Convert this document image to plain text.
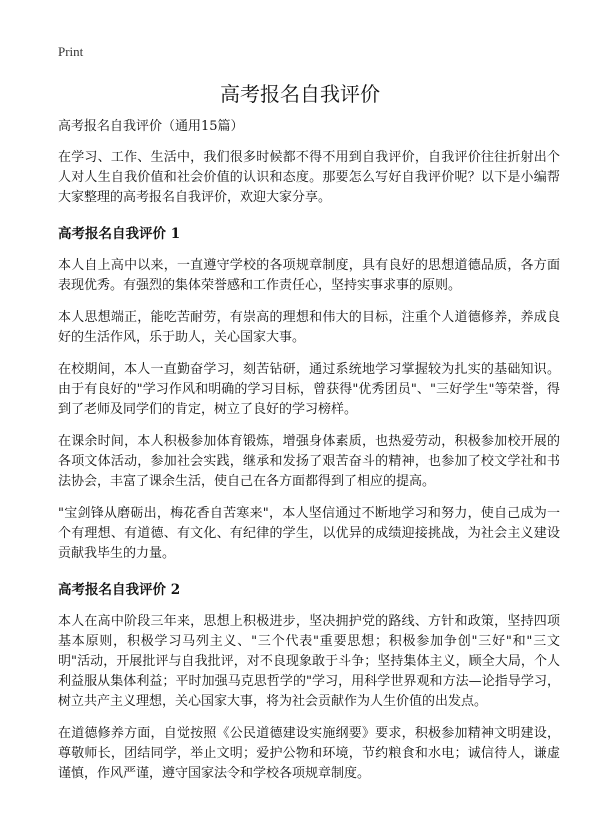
Print
高考报名自我评价

高考报名自我评价（通用15篇）

在学习、工作、生活中，我们很多时候都不得不用到自我评价，自我评价往往折射出个人对人生自我价值和社会价值的认识和态度。那要怎么写好自我评价呢？以下是小编帮大家整理的高考报名自我评价，欢迎大家分享。

高考报名自我评价 1

本人自上高中以来，一直遵守学校的各项规章制度，具有良好的思想道德品质，各方面表现优秀。有强烈的集体荣誉感和工作责任心，坚持实事求事的原则。

本人思想端正，能吃苦耐劳，有崇高的理想和伟大的目标，注重个人道德修养，养成良好的生活作风，乐于助人，关心国家大事。

在校期间，本人一直勤奋学习，刻苦钻研，通过系统地学习掌握较为扎实的基础知识。由于有良好的"学习作风和明确的学习目标，曾获得"优秀团员"、"三好学生"等荣誉，得到了老师及同学们的肯定，树立了良好的学习榜样。

在课余时间，本人积极参加体育锻炼，增强身体素质，也热爱劳动，积极参加校开展的各项文体活动，参加社会实践，继承和发扬了艰苦奋斗的精神，也参加了校文学社和书法协会，丰富了课余生活，使自己在各方面都得到了相应的提高。

"宝剑锋从磨砺出，梅花香自苦寒来"，本人坚信通过不断地学习和努力，使自己成为一个有理想、有道德、有文化、有纪律的学生，以优异的成绩迎接挑战，为社会主义建设贡献我毕生的力量。

高考报名自我评价 2

本人在高中阶段三年来，思想上积极进步，坚决拥护党的路线、方针和政策，坚持四项基本原则，积极学习马列主义、"三个代表"重要思想；积极参加争创"三好"和"三文明"活动，开展批评与自我批评，对不良现象敢于斗争；坚持集体主义，顾全大局，个人利益服从集体利益；平时加强马克思哲学的"学习，用科学世界观和方法—论指导学习，树立共产主义理想，关心国家大事，将为社会贡献作为人生价值的出发点。

在道德修养方面，自觉按照《公民道德建设实施纲要》要求，积极参加精神文明建设，尊敬师长，团结同学，举止文明；爱护公物和环境，节约粮食和水电；诚信待人，谦虚谨慎，作风严谨，遵守国家法令和学校各项规章制度。
